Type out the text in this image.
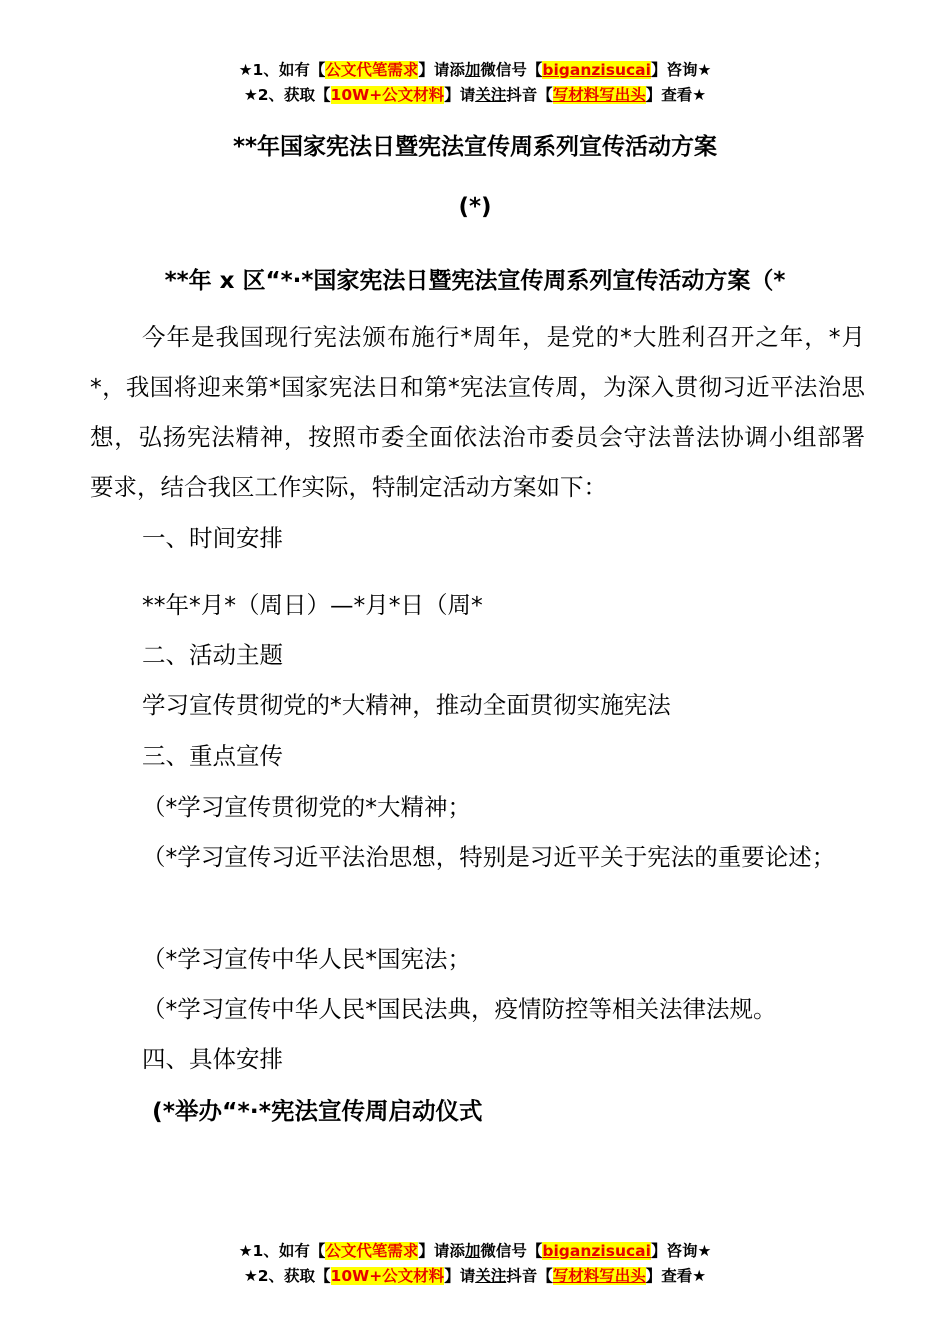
★1、如有【公文代笔需求】请添加微信号【biganzisucai】咨询★
★2、获取【10W+公文材料】请关注抖音【写材料写出头】查看★
**年国家宪法日暨宪法宣传周系列宣传活动方案
(*)
**年 x 区“*·*国家宪法日暨宪法宣传周系列宣传活动方案（*
今年是我国现行宪法颁布施行*周年，是党的*大胜利召开之年，*月*，我国将迎来第*国家宪法日和第*宪法宣传周，为深入贯彻习近平法治思想，弘扬宪法精神，按照市委全面依法治市委员会守法普法协调小组部署要求，结合我区工作实际，特制定活动方案如下：
一、时间安排
**年*月*（周日）—*月*日（周*
二、活动主题
学习宣传贯彻党的*大精神，推动全面贯彻实施宪法
三、重点宣传
（*学习宣传贯彻党的*大精神；
（*学习宣传习近平法治思想，特别是习近平关于宪法的重要论述；
（*学习宣传中华人民*国宪法；
（*学习宣传中华人民*国民法典，疫情防控等相关法律法规。
四、具体安排
(*举办“*·*宪法宣传周启动仪式
★1、如有【公文代笔需求】请添加微信号【biganzisucai】咨询★
★2、获取【10W+公文材料】请关注抖音【写材料写出头】查看★
